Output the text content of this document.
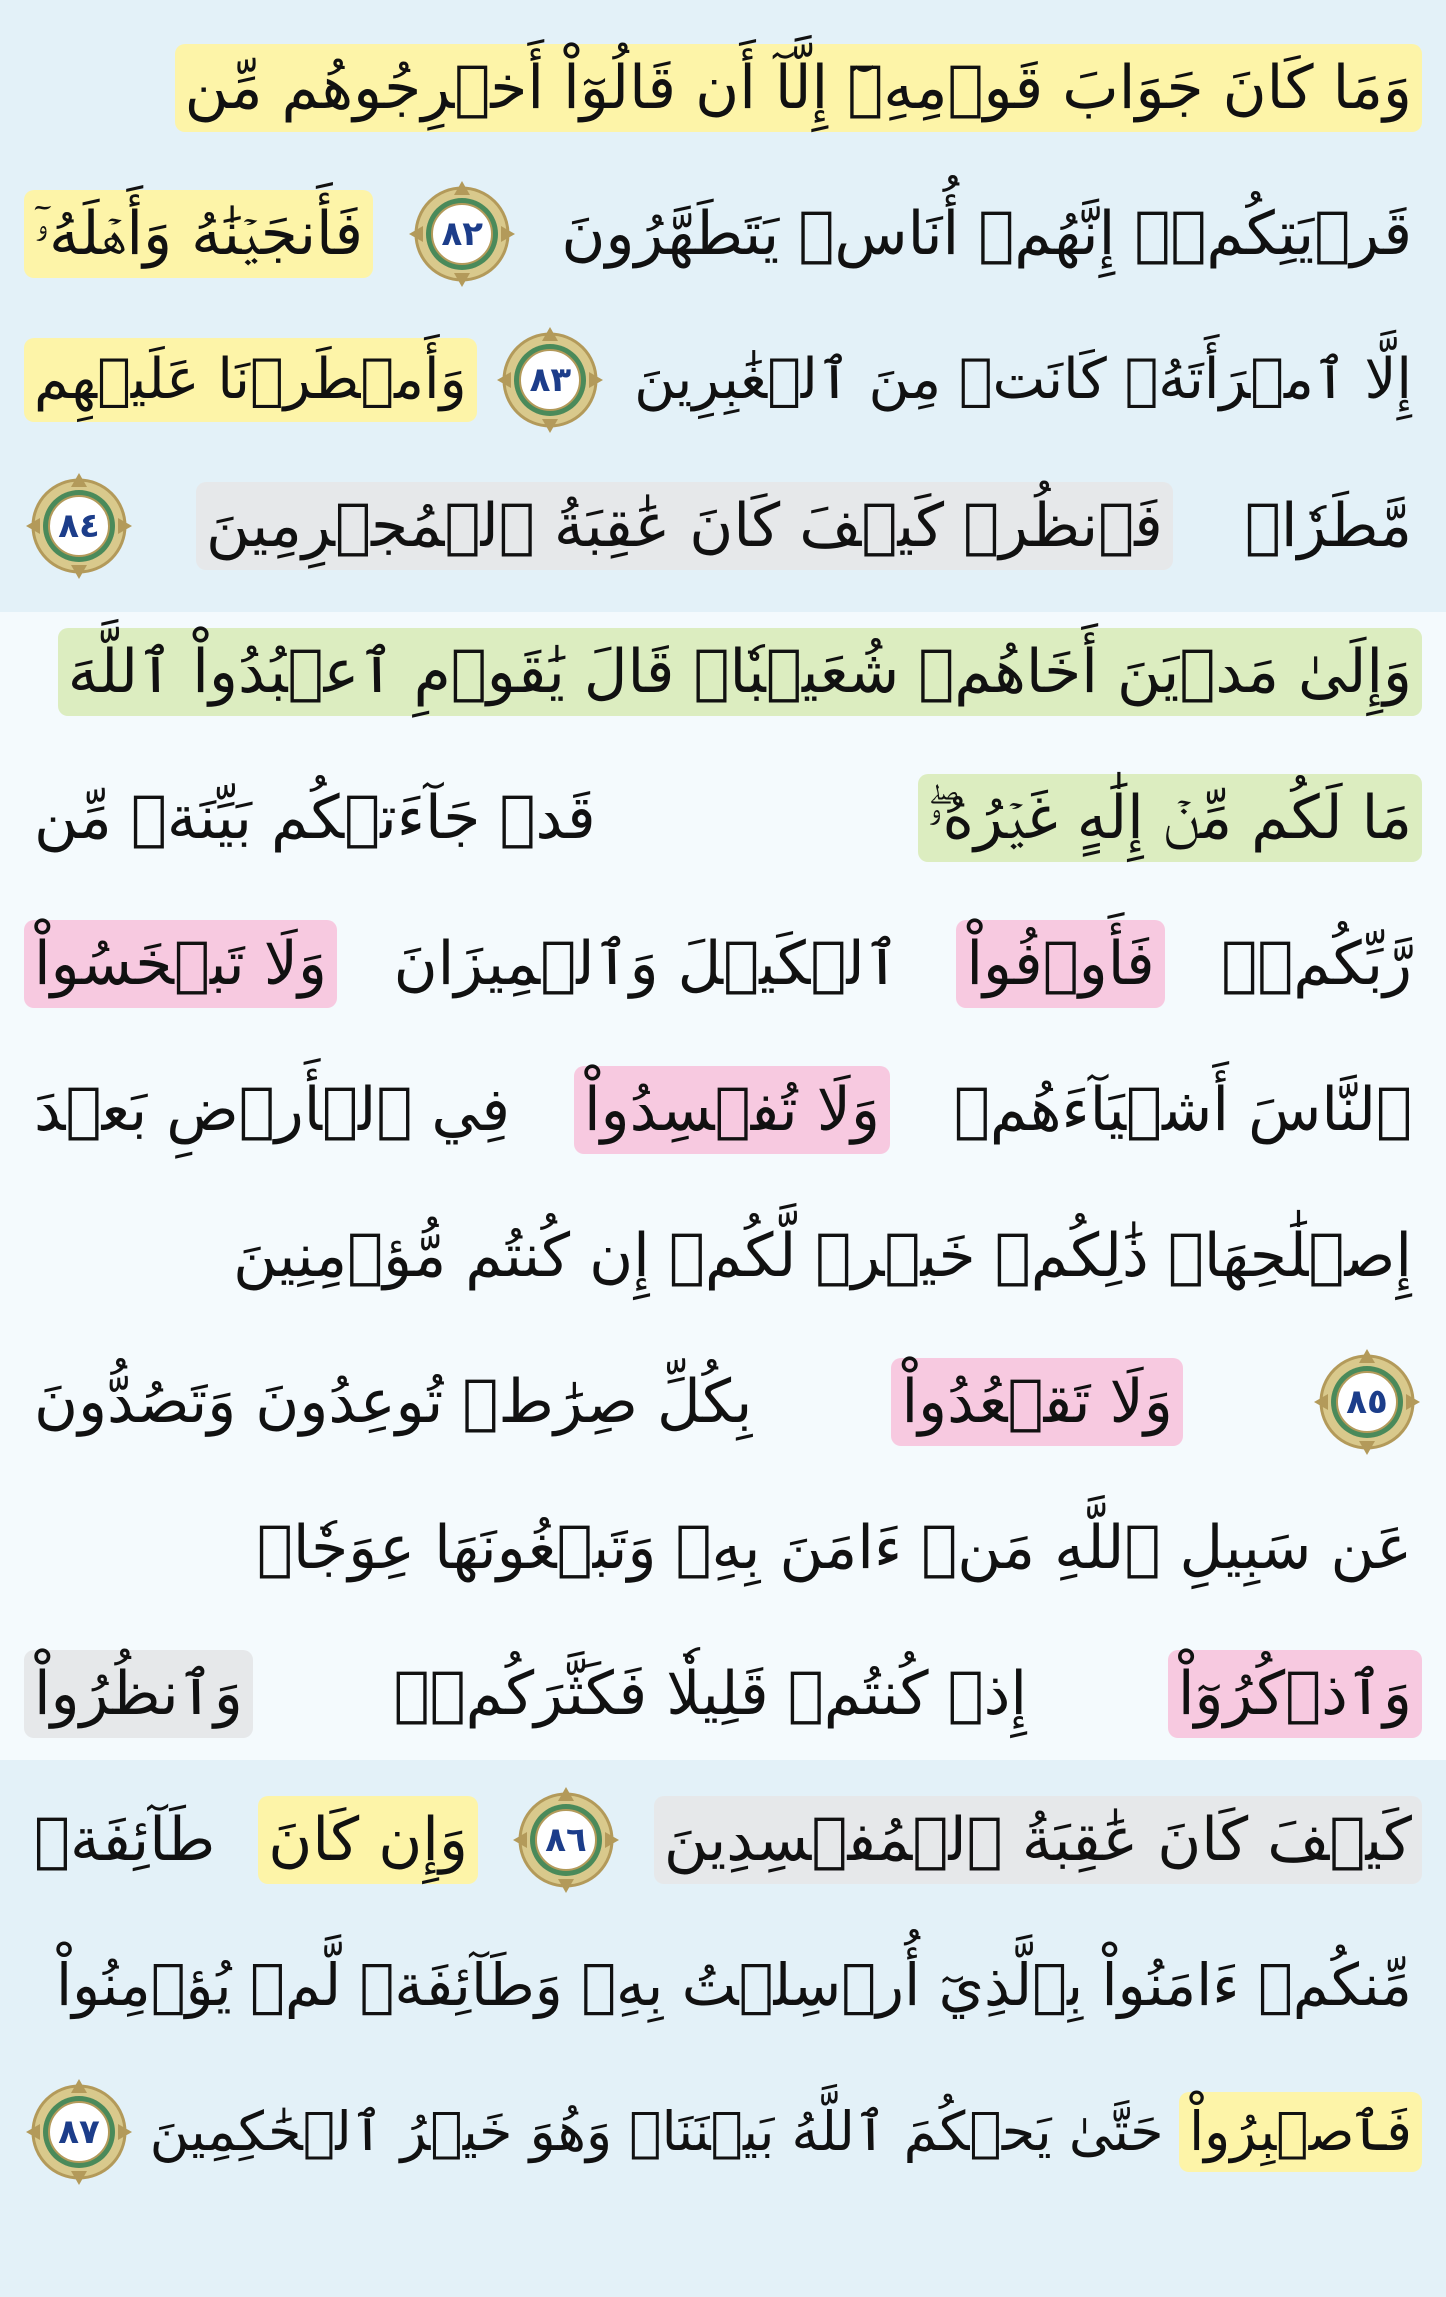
وَمَا كَانَ جَوَابَ قَوۡمِهِۦٓ إِلَّآ أَن قَالُوٓاْ أَخۡرِجُوهُم مِّن
قَرۡيَتِكُمۡۖ إِنَّهُمۡ أُنَاسٞ يَتَطَهَّرُونَ
٨٢
فَأَنجَيۡنَٰهُ وَأَهۡلَهُۥٓ
إِلَّا ٱمۡرَأَتَهُۥ كَانَتۡ مِنَ ٱلۡغَٰبِرِينَ
٨٣
وَأَمۡطَرۡنَا عَلَيۡهِم
مَّطَرٗاۖ
فَٱنظُرۡ كَيۡفَ كَانَ عَٰقِبَةُ ٱلۡمُجۡرِمِينَ
٨٤
وَإِلَىٰ مَدۡيَنَ أَخَاهُمۡ شُعَيۡبٗاۚ قَالَ يَٰقَوۡمِ ٱعۡبُدُواْ ٱللَّهَ
مَا لَكُم مِّنۡ إِلَٰهٍ غَيۡرُهُۥۖ
قَدۡ جَآءَتۡكُم بَيِّنَةٞ مِّن
رَّبِّكُمۡۖ
فَأَوۡفُواْ
ٱلۡكَيۡلَ وَٱلۡمِيزَانَ
وَلَا تَبۡخَسُواْ
ٱلنَّاسَ أَشۡيَآءَهُمۡ
وَلَا تُفۡسِدُواْ
فِي ٱلۡأَرۡضِ بَعۡدَ
إِصۡلَٰحِهَاۚ ذَٰلِكُمۡ خَيۡرٞ لَّكُمۡ إِن كُنتُم مُّؤۡمِنِينَ
٨٥
وَلَا تَقۡعُدُواْ
بِكُلِّ صِرَٰطٖ تُوعِدُونَ وَتَصُدُّونَ
عَن سَبِيلِ ٱللَّهِ مَنۡ ءَامَنَ بِهِۦ وَتَبۡغُونَهَا عِوَجٗاۚ
وَٱذۡكُرُوٓاْ
إِذۡ كُنتُمۡ قَلِيلٗا فَكَثَّرَكُمۡۖ
وَٱنظُرُواْ
كَيۡفَ كَانَ عَٰقِبَةُ ٱلۡمُفۡسِدِينَ
٨٦
وَإِن كَانَ
طَآئِفَةٞ
مِّنكُمۡ ءَامَنُواْ بِٱلَّذِيٓ أُرۡسِلۡتُ بِهِۦ وَطَآئِفَةٞ لَّمۡ يُؤۡمِنُواْ
فَٱصۡبِرُواْ
حَتَّىٰ يَحۡكُمَ ٱللَّهُ بَيۡنَنَاۚ وَهُوَ خَيۡرُ ٱلۡحَٰكِمِينَ
٨٧
